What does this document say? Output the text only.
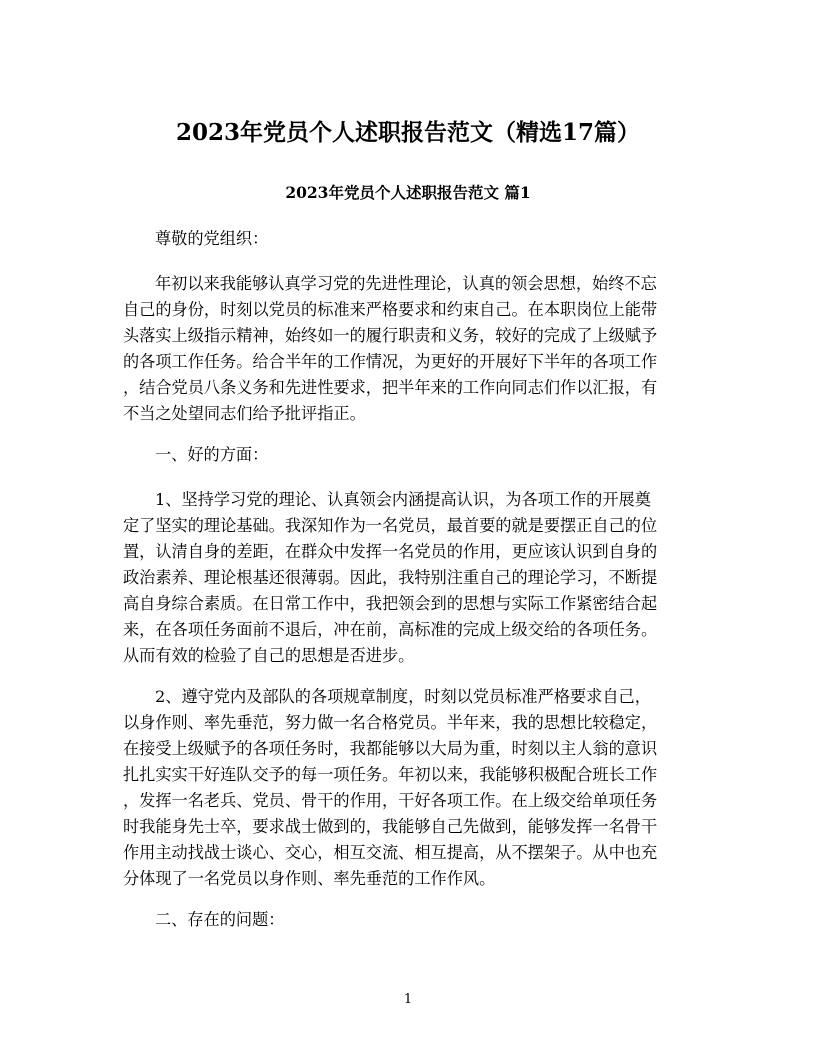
2023年党员个人述职报告范文（精选17篇）
2023年党员个人述职报告范文 篇1
尊敬的党组织：
年初以来我能够认真学习党的先进性理论，认真的领会思想，始终不忘
自己的身份，时刻以党员的标准来严格要求和约束自己。在本职岗位上能带
头落实上级指示精神，始终如一的履行职责和义务，较好的完成了上级赋予
的各项工作任务。给合半年的工作情况，为更好的开展好下半年的各项工作
，结合党员八条义务和先进性要求，把半年来的工作向同志们作以汇报，有
不当之处望同志们给予批评指正。
一、好的方面：
1、坚持学习党的理论、认真领会内涵提高认识，为各项工作的开展奠
定了坚实的理论基础。我深知作为一名党员，最首要的就是要摆正自己的位
置，认清自身的差距，在群众中发挥一名党员的作用，更应该认识到自身的
政治素养、理论根基还很薄弱。因此，我特别注重自己的理论学习，不断提
高自身综合素质。在日常工作中，我把领会到的思想与实际工作紧密结合起
来，在各项任务面前不退后，冲在前，高标准的完成上级交给的各项任务。
从而有效的检验了自己的思想是否进步。
2、遵守党内及部队的各项规章制度，时刻以党员标准严格要求自己，
以身作则、率先垂范，努力做一名合格党员。半年来，我的思想比较稳定，
在接受上级赋予的各项任务时，我都能够以大局为重，时刻以主人翁的意识
扎扎实实干好连队交予的每一项任务。年初以来，我能够积极配合班长工作
，发挥一名老兵、党员、骨干的作用，干好各项工作。在上级交给单项任务
时我能身先士卒，要求战士做到的，我能够自己先做到，能够发挥一名骨干
作用主动找战士谈心、交心，相互交流、相互提高，从不摆架子。从中也充
分体现了一名党员以身作则、率先垂范的工作作风。
二、存在的问题：
1
